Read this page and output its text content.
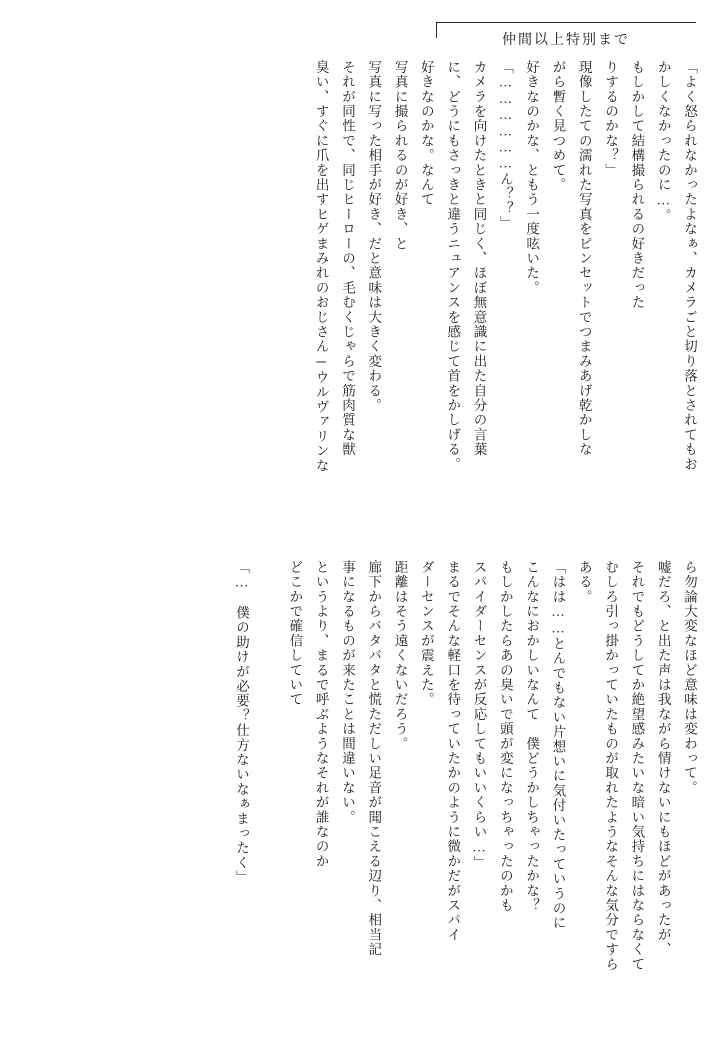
仲間以上特別まで
「よく怒られなかったよなぁ、カメラごと切り落とされてもお
かしくなかったのに…。
もしかして結構撮られるの好きだった
りするのかな？」
現像したての濡れた写真をピンセットでつまみあげ乾かしな
がら暫く見つめて。
好きなのかな、ともう一度呟いた。
「………………ん？？」
カメラを向けたときと同じく、ほぼ無意識に出た自分の言葉
に、どうにもさっきと違うニュアンスを感じて首をかしげる。
好きなのかな。なんて
写真に撮られるのが好き、と
写真に写った相手が好き、だと意味は大きく変わる。
それが同性で、同じヒーローの、毛むくじゃらで筋肉質な獣
臭い、すぐに爪を出すヒゲまみれのおじさん─ウルヴァリンな
ら勿論大変なほど意味は変わって。
嘘だろ、と出た声は我ながら情けないにもほどがあったが、
それでもどうしてか絶望感みたいな暗い気持ちにはならなくて
むしろ引っ掛かっていたものが取れたようなそんな気分ですら
ある。
「はは……とんでもない片想いに気付いたっていうのに
こんなにおかしいなんて　僕どうかしちゃったかな？
もしかしたらあの臭いで頭が変になっちゃったのかも
スパイダーセンスが反応してもいいくらい…」
まるでそんな軽口を待っていたかのように微かだがスパイ
ダーセンスが震えた。
距離はそう遠くないだろう。
廊下からバタバタと慌ただしい足音が聞こえる辺り、相当記
事になるものが来たことは間違いない。
というより、まるで呼ぶようなそれが誰なのか
どこかで確信していて
「…　僕の助けが必要？仕方ないなぁまったく」
